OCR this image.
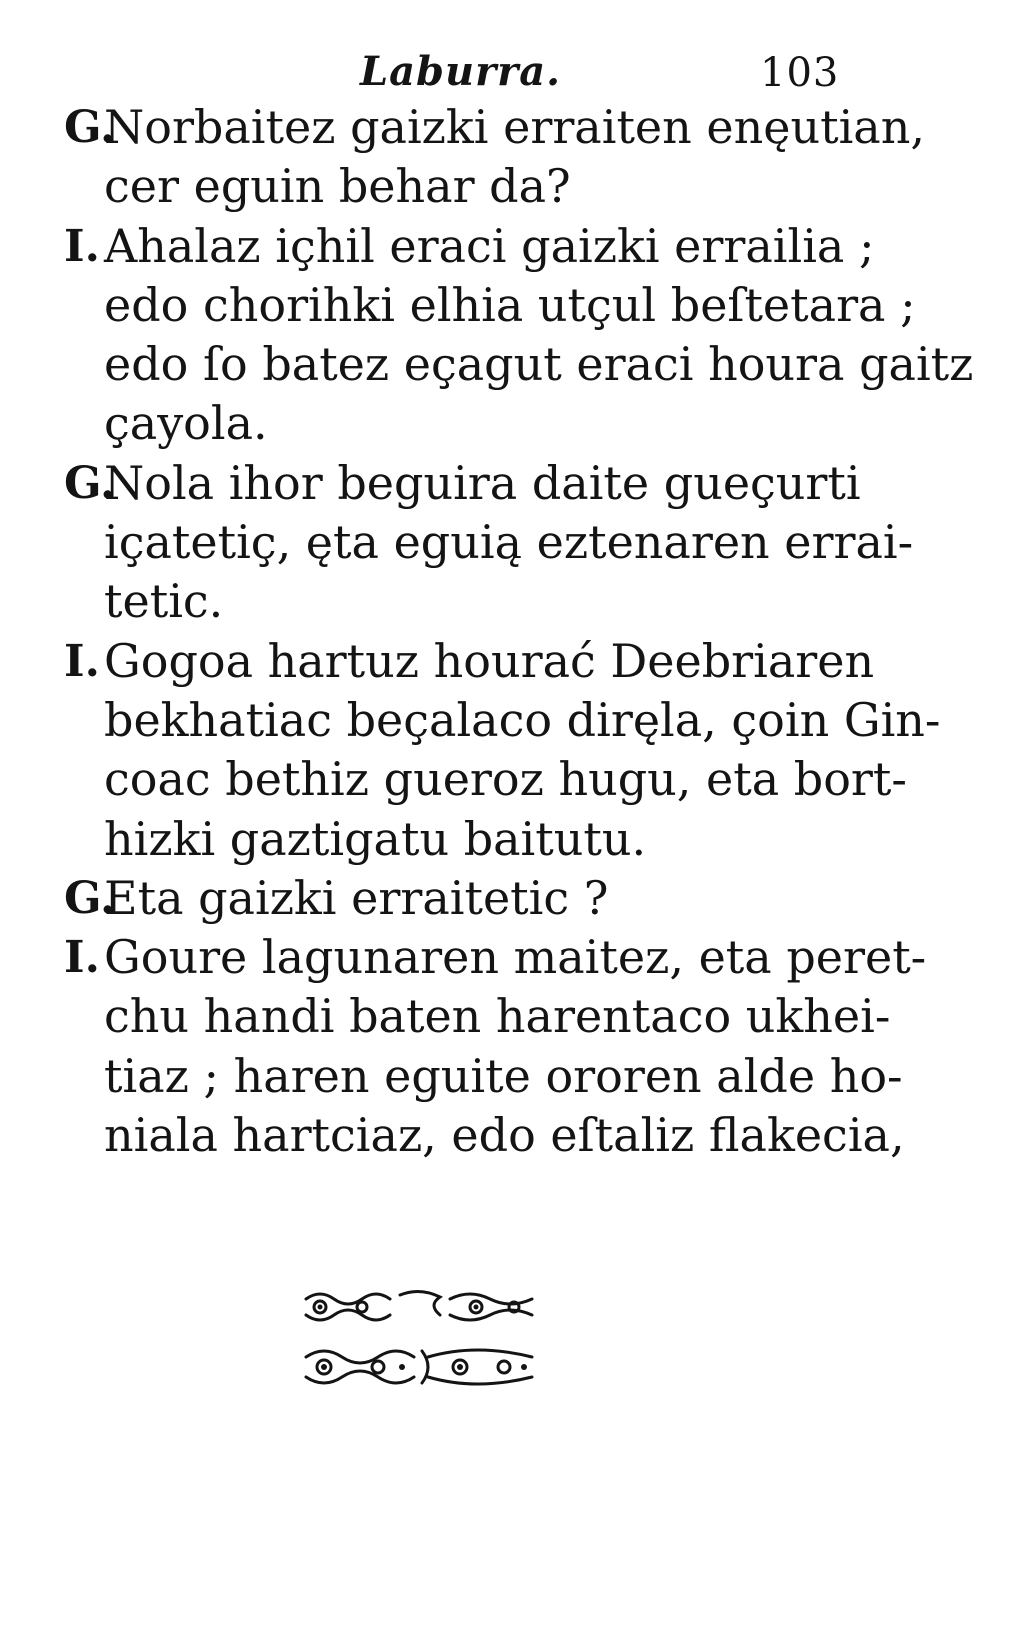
Laburra.	103
G.
Norbaitez gaizki erraiten enęutian,
cer eguin behar da?
I. Ahalaz iҫhil eraci gaizki errailia ;
edo chorihki elhia utçul beſtetara ;
edo ſo batez eçagut eraci houra gaitz
çayola.
G.
Nola ihor beguira daite gueçurti
içatetiç, ęta eguią eztenaren errai-
tetic.
I. Gogoa hartuz hourać Deebriaren
bekhatiac beçalaco diręla, çoin Gin-
coac bethiz gueroz hugu, eta bort-
hizki gaztigatu baitutu.
G.
Eta gaizki erraitetic ?
I. Goure lagunaren maitez, eta peret-
chu handi baten harentaco ukhei-
tiaz ; haren eguite ororen alde ho-
niala hartciaz, edo eſtaliz flakecia,
